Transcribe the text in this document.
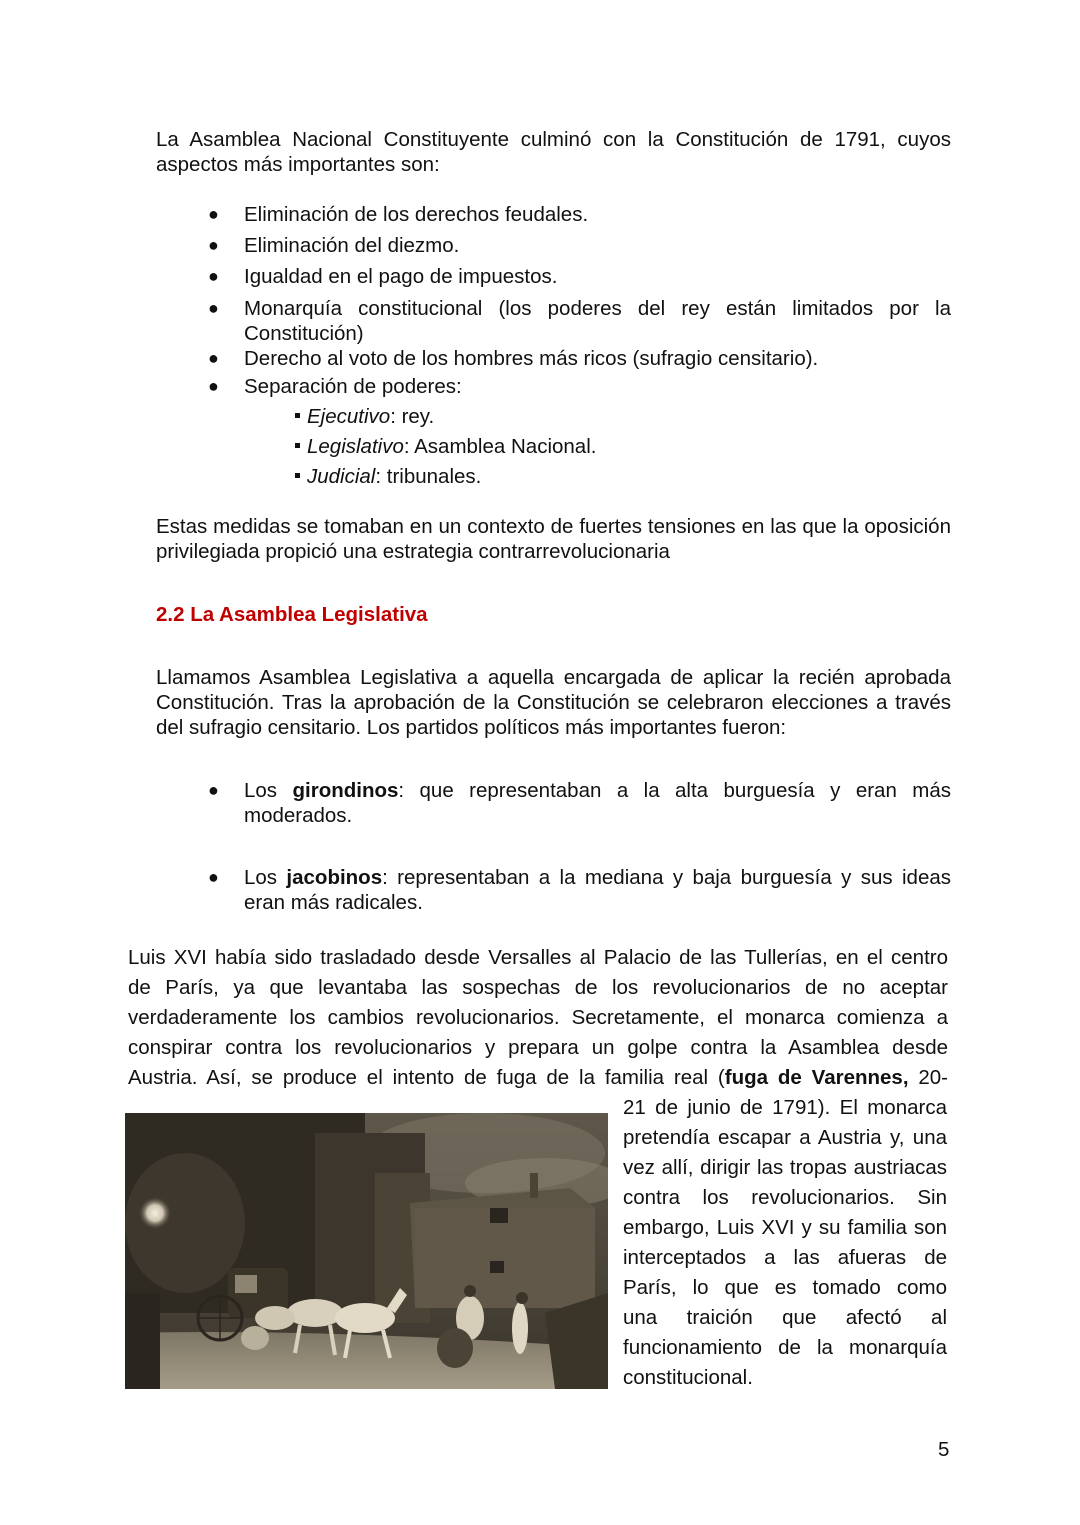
La Asamblea Nacional Constituyente culminó con la Constitución de 1791, cuyos aspectos más importantes son:
● Eliminación de los derechos feudales.
● Eliminación del diezmo.
● Igualdad en el pago de impuestos.
● Monarquía constitucional (los poderes del rey están limitados por la Constitución)
● Derecho al voto de los hombres más ricos (sufragio censitario).
● Separación de poderes:
Ejecutivo: rey.
Legislativo: Asamblea Nacional.
Judicial: tribunales.
Estas medidas se tomaban en un contexto de fuertes tensiones en las que la oposición privilegiada propició una estrategia contrarrevolucionaria
2.2 La Asamblea Legislativa
Llamamos Asamblea Legislativa a aquella encargada de aplicar la recién aprobada Constitución. Tras la aprobación de la Constitución se celebraron elecciones a través del sufragio censitario. Los partidos políticos más importantes fueron:
● Los girondinos: que representaban a la alta burguesía y eran más moderados.
● Los jacobinos: representaban a la mediana y baja burguesía y sus ideas eran más radicales.
Luis XVI había sido trasladado desde Versalles al Palacio de las Tullerías, en el centro
de París, ya que levantaba las sospechas de los revolucionarios de no aceptar
verdaderamente los cambios revolucionarios. Secretamente, el monarca comienza a
conspirar contra los revolucionarios y prepara un golpe contra la Asamblea desde
Austria. Así, se produce el intento de fuga de la familia real (fuga de Varennes, 20-
21 de junio de 1791). El monarca
pretendía escapar a Austria y, una
vez allí, dirigir las tropas austriacas
contra los revolucionarios. Sin
embargo, Luis XVI y su familia son
interceptados a las afueras de
París, lo que es tomado como
una traición que afectó al
funcionamiento de la monarquía
constitucional.
5
